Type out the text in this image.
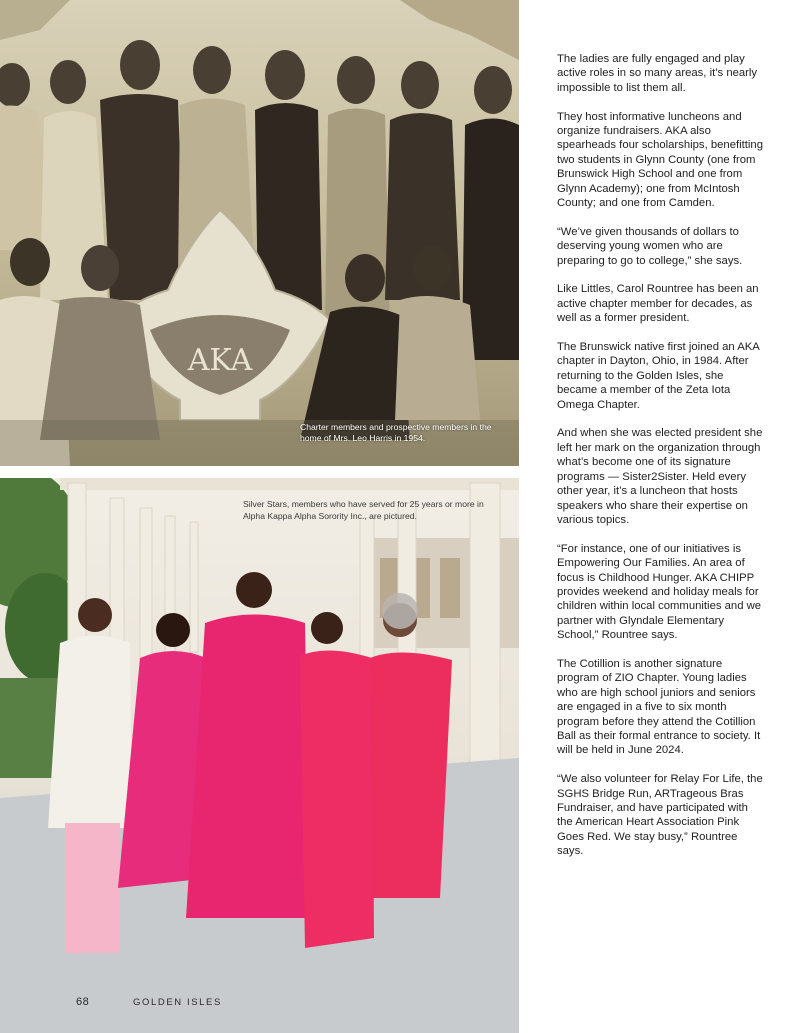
AKA
Charter members and prospective members in the home of Mrs. Leo Harris in 1954.
Silver Stars, members who have served for 25 years or more in Alpha Kappa Alpha Sorority Inc., are pictured.
68	GOLDEN ISLES

The ladies are fully engaged and play active roles in so many areas, it’s nearly impossible to list them all.

They host informative luncheons and organize fundraisers. AKA also spearheads four scholarships, benefitting two students in Glynn County (one from Brunswick High School and one from Glynn Academy); one from McIntosh County; and one from Camden.

“We’ve given thousands of dollars to deserving young women who are preparing to go to college,” she says.

Like Littles, Carol Rountree has been an active chapter member for decades, as well as a former president.

The Brunswick native first joined an AKA chapter in Dayton, Ohio, in 1984. After returning to the Golden Isles, she became a member of the Zeta Iota Omega Chapter.

And when she was elected president she left her mark on the organization through what’s become one of its signature programs — Sister2Sister. Held every other year, it’s a luncheon that hosts speakers who share their expertise on various topics.

“For instance, one of our initiatives is Empowering Our Families. An area of focus is Childhood Hunger. AKA CHIPP provides weekend and holiday meals for children within local communities and we partner with Glyndale Elementary School,” Rountree says.

The Cotillion is another signature program of ZIO Chapter. Young ladies who are high school juniors and seniors are engaged in a five to six month program before they attend the Cotillion Ball as their formal entrance to society. It will be held in June 2024.

“We also volunteer for Relay For Life, the SGHS Bridge Run, ARTrageous Bras Fundraiser, and have participated with the American Heart Association Pink Goes Red. We stay busy,” Rountree says.
